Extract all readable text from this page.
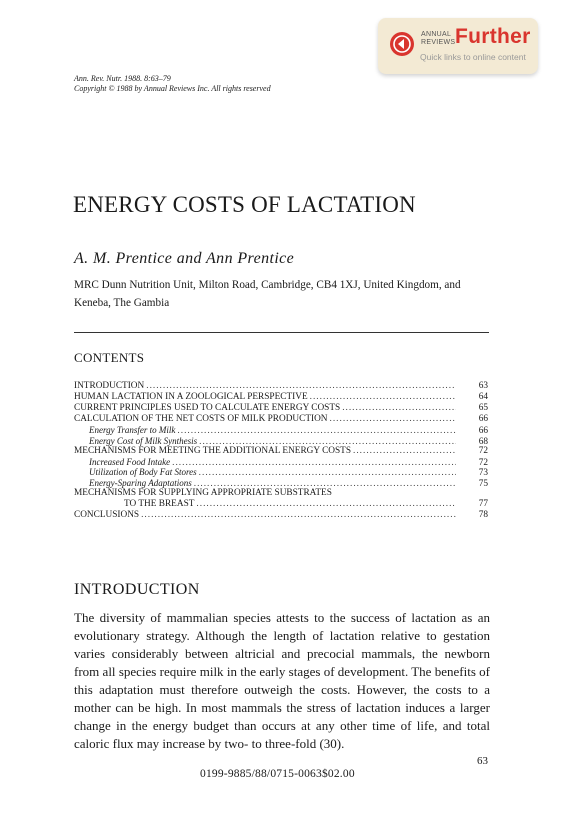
ANNUAL
REVIEWS Further
Quick links to online content
Ann. Rev. Nutr. 1988. 8:63–79
Copyright © 1988 by Annual Reviews Inc. All rights reserved
ENERGY COSTS OF LACTATION
A. M. Prentice and Ann Prentice
MRC Dunn Nutrition Unit, Milton Road, Cambridge, CB4 1XJ, United Kingdom, and Keneba, The Gambia
CONTENTS
INTRODUCTION .....	63
HUMAN LACTATION IN A ZOOLOGICAL PERSPECTIVE .....	64
CURRENT PRINCIPLES USED TO CALCULATE ENERGY COSTS .....	65
CALCULATION OF THE NET COSTS OF MILK PRODUCTION .....	66
Energy Transfer to Milk .....	66
Energy Cost of Milk Synthesis .....	68
MECHANISMS FOR MEETING THE ADDITIONAL ENERGY COSTS .....	72
Increased Food Intake .....	72
Utilization of Body Fat Stores .....	73
Energy-Sparing Adaptations .....	75
MECHANISMS FOR SUPPLYING APPROPRIATE SUBSTRATES
TO THE BREAST .....	77
CONCLUSIONS .....	78
INTRODUCTION

The diversity of mammalian species attests to the success of lactation as an evolutionary strategy. Although the length of lactation relative to gestation varies considerably between altricial and precocial mammals, the newborn from all species require milk in the early stages of development. The benefits of this adaptation must therefore outweigh the costs. However, the costs to a mother can be high. In most mammals the stress of lactation induces a larger change in the energy budget than occurs at any other time of life, and total caloric flux may increase by two- to three-fold (30).

63
0199-9885/88/0715-0063$02.00
